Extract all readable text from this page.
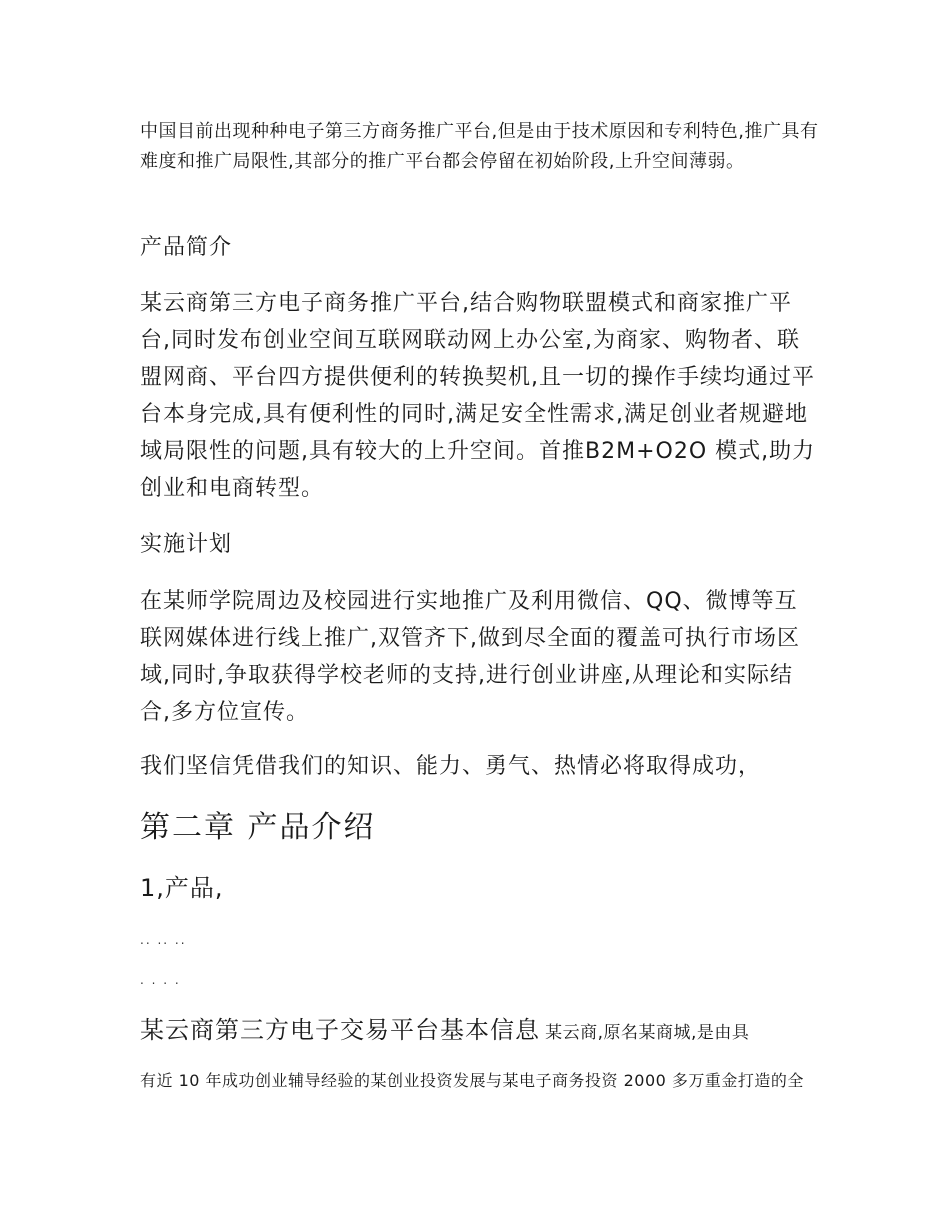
中国目前出现种种电子第三方商务推广平台,但是由于技术原因和专利特色,推广具有难度和推广局限性,其部分的推广平台都会停留在初始阶段,上升空间薄弱。

产品简介

某云商第三方电子商务推广平台,结合购物联盟模式和商家推广平台,同时发布创业空间互联网联动网上办公室,为商家、购物者、联盟网商、平台四方提供便利的转换契机,且一切的操作手续均通过平台本身完成,具有便利性的同时,满足安全性需求,满足创业者规避地域局限性的问题,具有较大的上升空间。首推B2M+O2O 模式,助力创业和电商转型。

实施计划

在某师学院周边及校园进行实地推广及利用微信、QQ、微博等互联网媒体进行线上推广,双管齐下,做到尽全面的覆盖可执行市场区域,同时,争取获得学校老师的支持,进行创业讲座,从理论和实际结合,多方位宣传。

我们坚信凭借我们的知识、能力、勇气、热情必将取得成功，

第二章 产品介绍
1,产品,
.. .. ..
. . . .

某云商第三方电子交易平台基本信息 某云商,原名某商城,是由具

有近 10 年成功创业辅导经验的某创业投资发展与某电子商务投资 2000 多万重金打造的全
